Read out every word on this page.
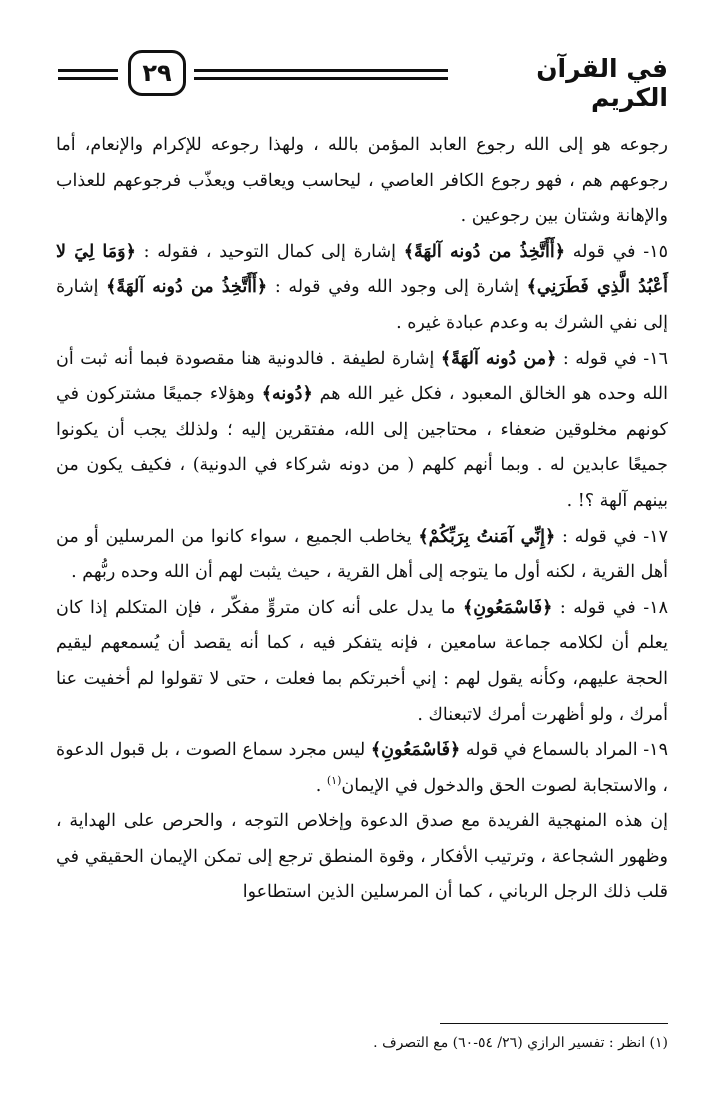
٢٩	في القرآن الكريم

رجوعه هو إلى الله رجوع العابد المؤمن بالله ، ولهذا رجوعه للإكرام والإنعام، أما رجوعهم هم ، فهو رجوع الكافر العاصي ، ليحاسب ويعاقب ويعذّب فرجوعهم للعذاب والإهانة وشتان بين رجوعين .

١٥- في قوله ﴿أَأَتَّخِذُ من دُونه آلهَةً﴾ إشارة إلى كمال التوحيد ، فقوله : ﴿وَمَا لِيَ لا أَعْبُدُ الَّذِي فَطَرَنِي﴾ إشارة إلى وجود الله وفي قوله : ﴿أَأَتَّخِذُ من دُونه آلهَةً﴾ إشارة إلى نفي الشرك به وعدم عبادة غيره .

١٦- في قوله : ﴿من دُونه آلهَةً﴾ إشارة لطيفة . فالدونية هنا مقصودة فبما أنه ثبت أن الله وحده هو الخالق المعبود ، فكل غير الله هم ﴿دُونه﴾ وهؤلاء جميعًا مشتركون في كونهم مخلوقين ضعفاء ، محتاجين إلى الله، مفتقرين إليه ؛ ولذلك يجب أن يكونوا جميعًا عابدين له . وبما أنهم كلهم ( من دونه شركاء في الدونية) ، فكيف يكون من بينهم آلهة ؟! .

١٧- في قوله : ﴿إِنِّي آمَنتُ بِرَبِّكُمْ﴾ يخاطب الجميع ، سواء كانوا من المرسلين أو من أهل القرية ، لكنه أول ما يتوجه إلى أهل القرية ، حيث يثبت لهم أن الله وحده ربُّهم .

١٨- في قوله : ﴿فَاسْمَعُونِ﴾ ما يدل على أنه كان متروٍّ مفكّر ، فإن المتكلم إذا كان يعلم أن لكلامه جماعة سامعين ، فإنه يتفكر فيه ، كما أنه يقصد أن يُسمعهم ليقيم الحجة عليهم، وكأنه يقول لهم : إني أخبرتكم بما فعلت ، حتى لا تقولوا لم أخفيت عنا أمرك ، ولو أظهرت أمرك لاتبعناك .

١٩- المراد بالسماع في قوله ﴿فَاسْمَعُونِ﴾ ليس مجرد سماع الصوت ، بل قبول الدعوة ، والاستجابة لصوت الحق والدخول في الإيمان$^{(١)}$ .

إن هذه المنهجية الفريدة مع صدق الدعوة وإخلاص التوجه ، والحرص على الهداية ، وظهور الشجاعة ، وترتيب الأفكار ، وقوة المنطق ترجع إلى تمكن الإيمان الحقيقي في قلب ذلك الرجل الرباني ، كما أن المرسلين الذين استطاعوا

(١) انظر : تفسير الرازي (٢٦/ ٥٤-٦٠) مع التصرف .
